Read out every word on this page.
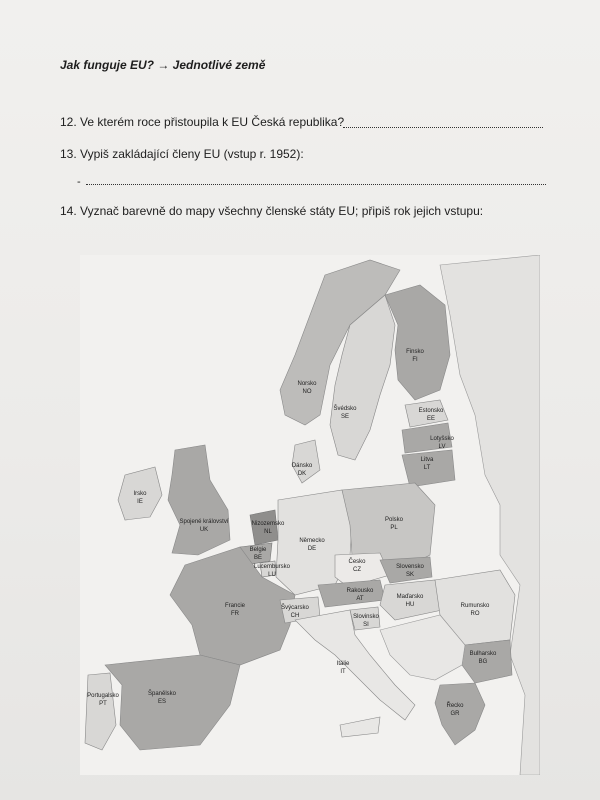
Jak funguje EU? → Jednotlivé země
12. Ve kterém roce přistoupila k EU Česká republika?
13. Vypiš zakládající členy EU (vstup r. 1952):
-
14. Vyznač barevně do mapy všechny členské státy EU; připiš rok jejich vstupu:
Norsko
NO
Švédsko
SE
Finsko
FI
Estonsko
EE
Lotyšsko
LV
Litva
LT
Dánsko
DK
Irsko
IE
Spojené království
UK
Nizozemsko
NL
Belgie
BE
Lucembursko
LU
Německo
DE
Polsko
PL
Česko
CZ	Slovensko
SK
Francie
FR
Švýcarsko
CH
Rakousko
AT	Maďarsko
HU
Slovinsko
SI
Rumunsko
RO
Itálie
IT
Bulharsko
BG
Portugalsko
PT
Španělsko
ES
Řecko
GR
